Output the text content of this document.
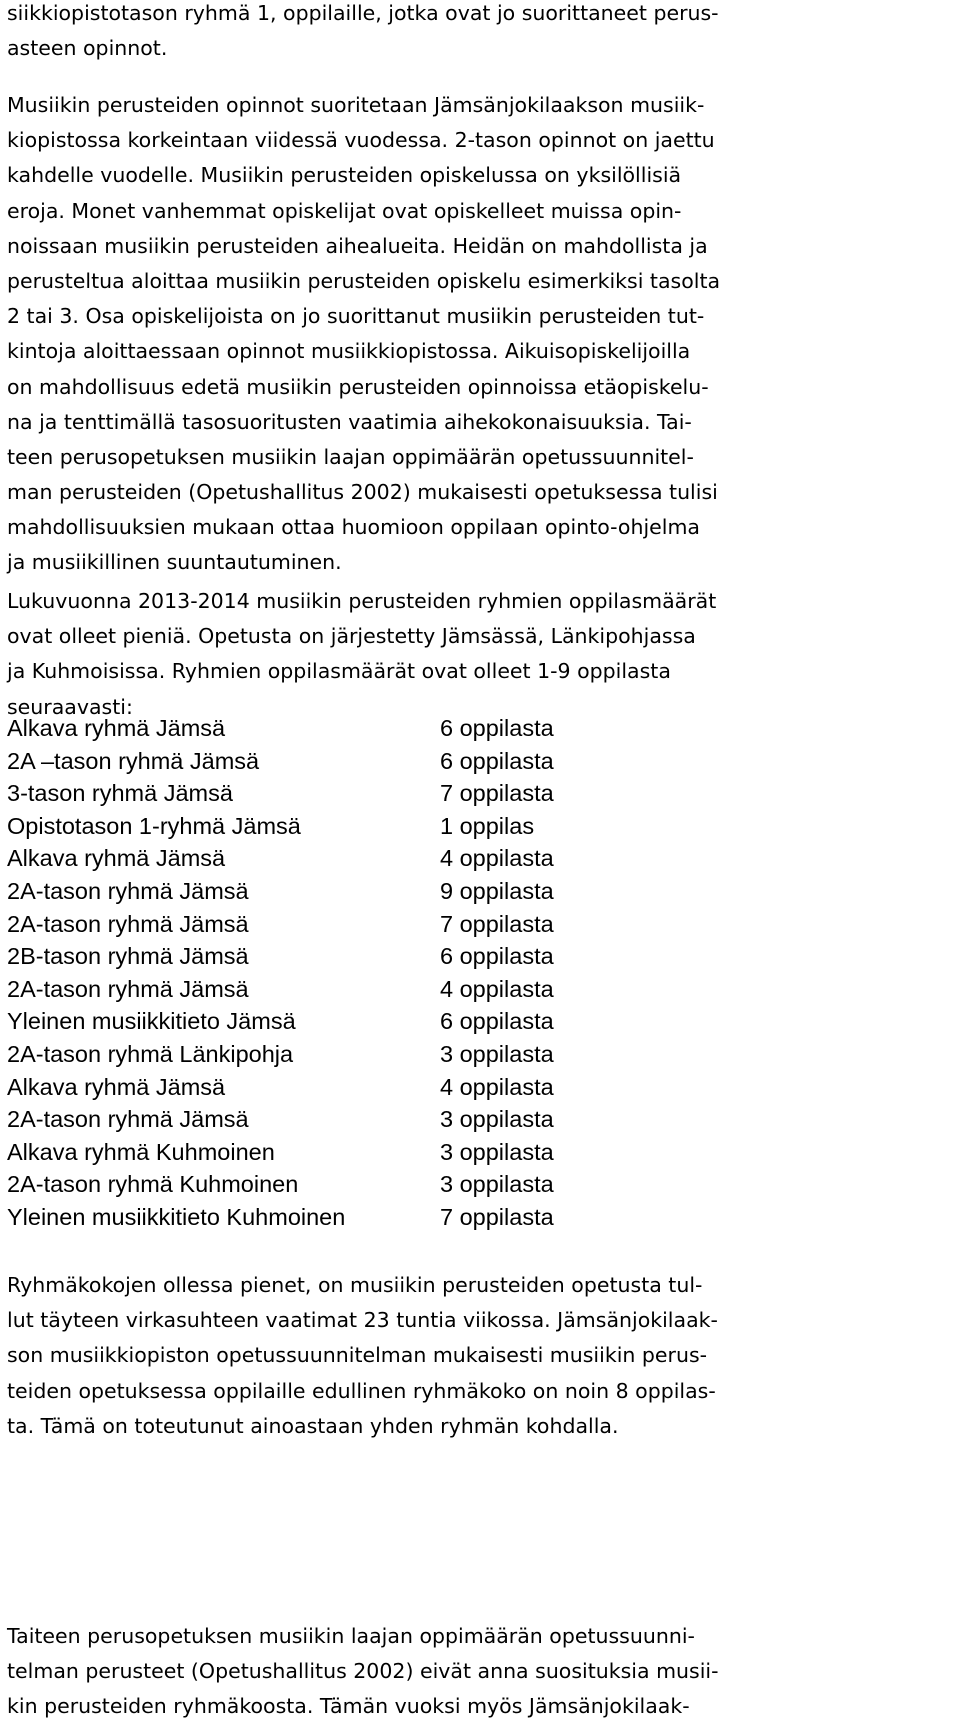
siikkiopistotason ryhmä 1, oppilaille, jotka ovat jo suorittaneet perus-
asteen opinnot.
Musiikin perusteiden opinnot suoritetaan Jämsänjokilaakson musiik-
kiopistossa korkeintaan viidessä vuodessa. 2-tason opinnot on jaettu
kahdelle vuodelle. Musiikin perusteiden opiskelussa on yksilöllisiä
eroja. Monet vanhemmat opiskelijat ovat opiskelleet muissa opin-
noissaan musiikin perusteiden aihealueita. Heidän on mahdollista ja
perusteltua aloittaa musiikin perusteiden opiskelu esimerkiksi tasolta
2 tai 3. Osa opiskelijoista on jo suorittanut musiikin perusteiden tut-
kintoja aloittaessaan opinnot musiikkiopistossa. Aikuisopiskelijoilla
on mahdollisuus edetä musiikin perusteiden opinnoissa etäopiskelu-
na ja tenttimällä tasosuoritusten vaatimia aihekokonaisuuksia. Tai-
teen perusopetuksen musiikin laajan oppimäärän opetussuunnitel-
man perusteiden (Opetushallitus 2002) mukaisesti opetuksessa tulisi
mahdollisuuksien mukaan ottaa huomioon oppilaan opinto-ohjelma
ja musiikillinen suuntautuminen.
Lukuvuonna 2013-2014 musiikin perusteiden ryhmien oppilasmäärät
ovat olleet pieniä. Opetusta on järjestetty Jämsässä, Länkipohjassa
ja Kuhmoisissa. Ryhmien oppilasmäärät ovat olleet 1-9 oppilasta
seuraavasti:
Alkava ryhmä Jämsä	6 oppilasta
2A –tason ryhmä Jämsä	6 oppilasta
3-tason ryhmä Jämsä	7 oppilasta
Opistotason 1-ryhmä Jämsä	1 oppilas
Alkava ryhmä Jämsä	4 oppilasta
2A-tason ryhmä Jämsä	9 oppilasta
2A-tason ryhmä Jämsä	7 oppilasta
2B-tason ryhmä Jämsä	6 oppilasta
2A-tason ryhmä Jämsä	4 oppilasta
Yleinen musiikkitieto Jämsä	6 oppilasta
2A-tason ryhmä Länkipohja	3 oppilasta
Alkava ryhmä Jämsä	4 oppilasta
2A-tason ryhmä Jämsä	3 oppilasta
Alkava ryhmä Kuhmoinen	3 oppilasta
2A-tason ryhmä Kuhmoinen	3 oppilasta
Yleinen musiikkitieto Kuhmoinen	7 oppilasta
Ryhmäkokojen ollessa pienet, on musiikin perusteiden opetusta tul-
lut täyteen virkasuhteen vaatimat 23 tuntia viikossa. Jämsänjokilaak-
son musiikkiopiston opetussuunnitelman mukaisesti musiikin perus-
teiden opetuksessa oppilaille edullinen ryhmäkoko on noin 8 oppilas-
ta. Tämä on toteutunut ainoastaan yhden ryhmän kohdalla.
Taiteen perusopetuksen musiikin laajan oppimäärän opetussuunni-
telman perusteet (Opetushallitus 2002) eivät anna suosituksia musii-
kin perusteiden ryhmäkoosta. Tämän vuoksi myös Jämsänjokilaak-
